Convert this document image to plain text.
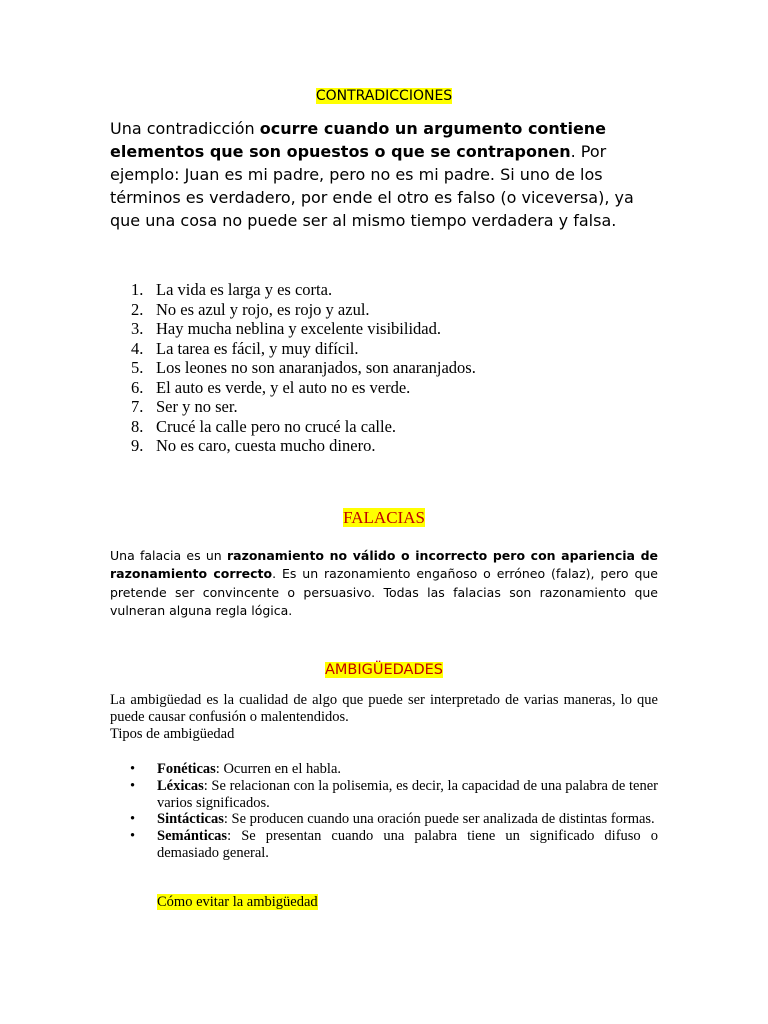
CONTRADICCIONES

Una contradicción ocurre cuando un argumento contiene elementos que son opuestos o que se contraponen. Por ejemplo: Juan es mi padre, pero no es mi padre. Si uno de los términos es verdadero, por ende el otro es falso (o viceversa), ya que una cosa no puede ser al mismo tiempo verdadera y falsa.

1. La vida es larga y es corta.
2. No es azul y rojo, es rojo y azul.
3. Hay mucha neblina y excelente visibilidad.
4. La tarea es fácil, y muy difícil.
5. Los leones no son anaranjados, son anaranjados.
6. El auto es verde, y el auto no es verde.
7. Ser y no ser.
8. Crucé la calle pero no crucé la calle.
9. No es caro, cuesta mucho dinero.
FALACIAS

Una falacia es un razonamiento no válido o incorrecto pero con apariencia de razonamiento correcto. Es un razonamiento engañoso o erróneo (falaz), pero que pretende ser convincente o persuasivo. Todas las falacias son razonamiento que vulneran alguna regla lógica.

AMBIGÜEDADES

La ambigüedad es la cualidad de algo que puede ser interpretado de varias maneras, lo que puede causar confusión o malentendidos.

Tipos de ambigüedad
• Fonéticas: Ocurren en el habla.
• Léxicas: Se relacionan con la polisemia, es decir, la capacidad de una palabra de tener varios significados.
• Sintácticas: Se producen cuando una oración puede ser analizada de distintas formas.
• Semánticas: Se presentan cuando una palabra tiene un significado difuso o demasiado general.
Cómo evitar la ambigüedad
